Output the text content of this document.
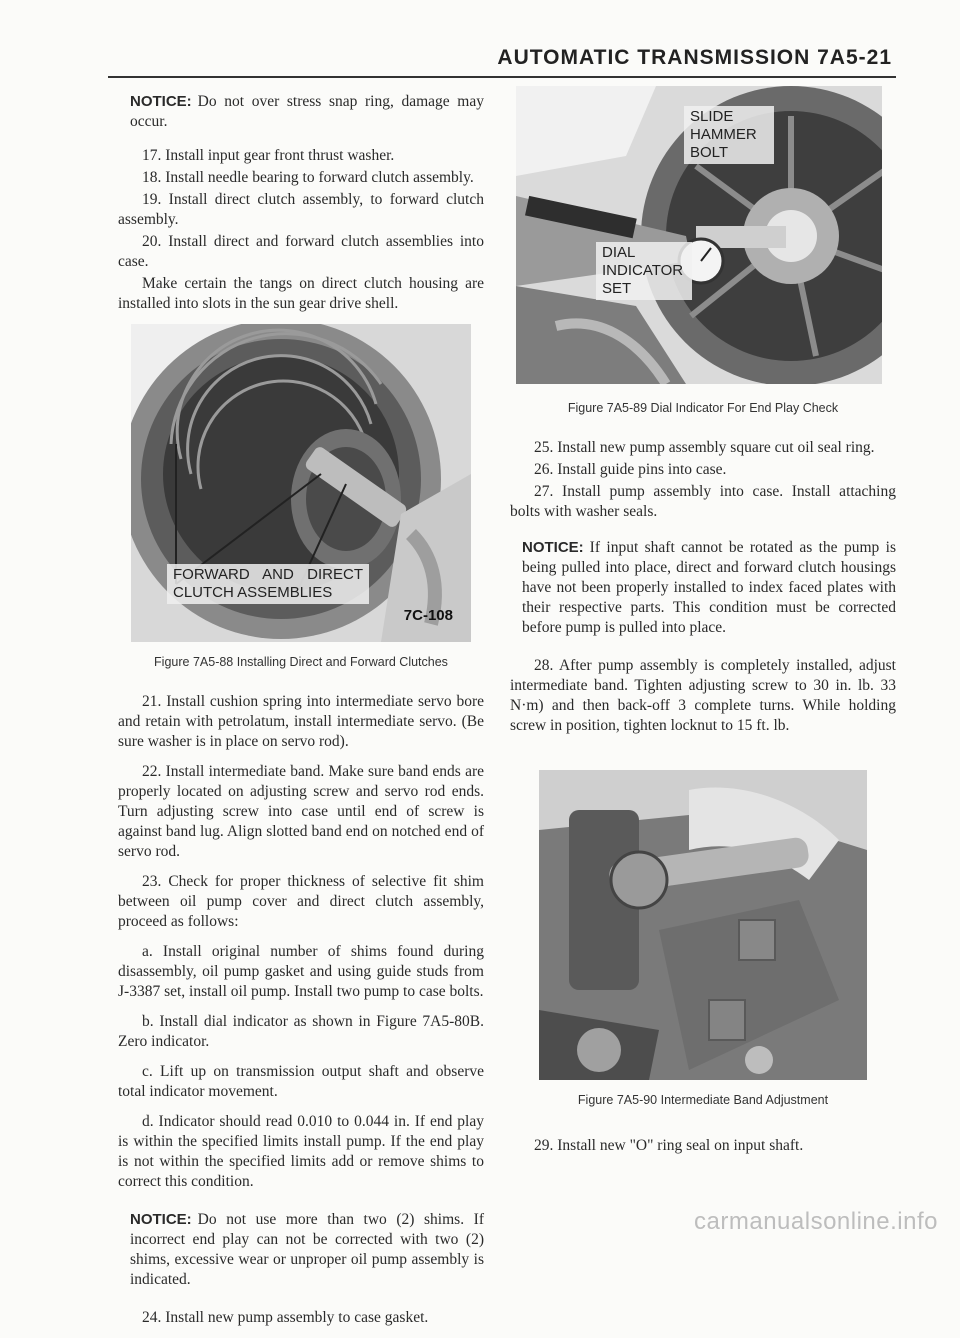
AUTOMATIC TRANSMISSION 7A5-21

NOTICE: Do not over stress snap ring, damage may occur.

17. Install input gear front thrust washer.

18. Install needle bearing to forward clutch assembly.

19. Install direct clutch assembly, to forward clutch assembly.

20. Install direct and forward clutch assemblies into case.

Make certain the tangs on direct clutch housing are installed into slots in the sun gear drive shell.

FORWARD AND DIRECT CLUTCH ASSEMBLIES
7C-108
Figure 7A5-88 Installing Direct and Forward Clutches

21. Install cushion spring into intermediate servo bore and retain with petrolatum, install intermediate servo. (Be sure washer is in place on servo rod).

22. Install intermediate band. Make sure band ends are properly located on adjusting screw and servo rod ends. Turn adjusting screw into case until end of screw is against band lug. Align slotted band end on notched end of servo rod.

23. Check for proper thickness of selective fit shim between oil pump cover and direct clutch assembly, proceed as follows:

a. Install original number of shims found during disassembly, oil pump gasket and using guide studs from J-3387 set, install oil pump. Install two pump to case bolts.

b. Install dial indicator as shown in Figure 7A5-80B. Zero indicator.

c. Lift up on transmission output shaft and observe total indicator movement.

d. Indicator should read 0.010 to 0.044 in. If end play is within the specified limits install pump. If the end play is not within the specified limits add or remove shims to correct this condition.

NOTICE: Do not use more than two (2) shims. If incorrect end play can not be corrected with two (2) shims, excessive wear or unproper oil pump assembly is indicated.

24. Install new pump assembly to case gasket.

SLIDE HAMMER BOLT
DIAL INDICATOR SET
Figure 7A5-89 Dial Indicator For End Play Check

25. Install new pump assembly square cut oil seal ring.

26. Install guide pins into case.

27. Install pump assembly into case. Install attaching bolts with washer seals.

NOTICE: If input shaft cannot be rotated as the pump is being pulled into place, direct and forward clutch housings have not been properly installed to index faced plates with their respective parts. This condition must be corrected before pump is pulled into place.

28. After pump assembly is completely installed, adjust intermediate band. Tighten adjusting screw to 30 in. lb. 33 N·m) and then back-off 3 complete turns. While holding screw in position, tighten locknut to 15 ft. lb.

Figure 7A5-90 Intermediate Band Adjustment

29. Install new "O" ring seal on input shaft.

carmanualsonline.info
